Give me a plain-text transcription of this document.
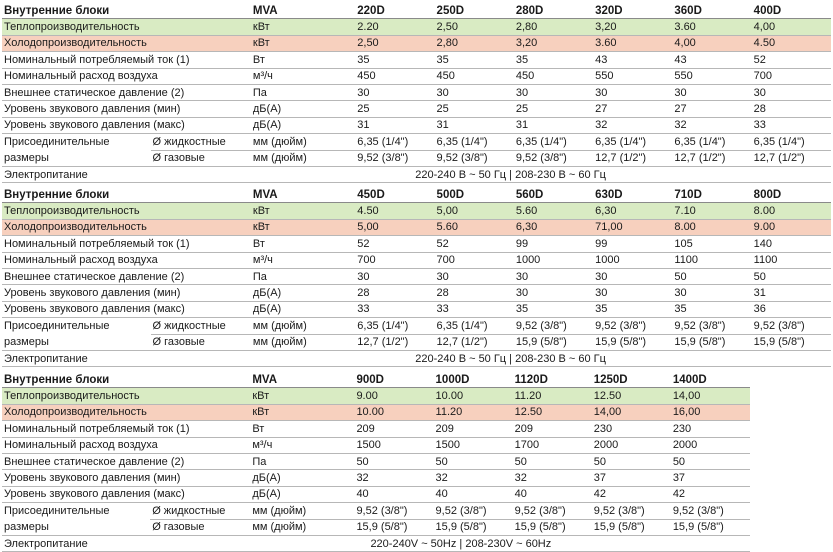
Внутренние блоки		MVA	220D	250D	280D	320D	360D	400D
Теплопроизводительность		кВт	2.20	2,50	2,80	3,20	3.60	4,00
Холодопроизводительность		кВт	2,50	2,80	3,20	3.60	4,00	4.50
Номинальный потребляемый ток (1)		Вт	35	35	35	43	43	52
Номинальный расход воздуха		м³/ч	450	450	450	550	550	700
Внешнее статическое давление (2)		Па	30	30	30	30	30	30
Уровень звукового давления (мин)		дБ(А)	25	25	25	27	27	28
Уровень звукового давления (макс)		дБ(А)	31	31	31	32	32	33
Присоединительные	Ø жидкостные	мм (дюйм)	6,35 (1/4")	6,35 (1/4")	6,35 (1/4")	6,35 (1/4")	6,35 (1/4")	6,35 (1/4")
размеры	Ø газовые	мм (дюйм)	9,52 (3/8")	9,52 (3/8")	9,52 (3/8")	12,7 (1/2")	12,7 (1/2")	12,7 (1/2")
Электропитание			220-240 В ~ 50 Гц | 208-230 В ~ 60 Гц					
Внутренние блоки		MVA	450D	500D	560D	630D	710D	800D
Теплопроизводительность		кВт	4.50	5,00	5.60	6,30	7.10	8.00
Холодопроизводительность		кВт	5,00	5.60	6,30	71,00	8.00	9.00
Номинальный потребляемый ток (1)		Вт	52	52	99	99	105	140
Номинальный расход воздуха		м³/ч	700	700	1000	1000	1100	1100
Внешнее статическое давление (2)		Па	30	30	30	30	50	50
Уровень звукового давления (мин)		дБ(А)	28	28	30	30	30	31
Уровень звукового давления (макс)		дБ(А)	33	33	35	35	35	36
Присоединительные	Ø жидкостные	мм (дюйм)	6,35 (1/4")	6,35 (1/4")	9,52 (3/8")	9,52 (3/8")	9,52 (3/8")	9,52 (3/8")
размеры	Ø газовые	мм (дюйм)	12,7 (1/2")	12,7 (1/2")	15,9 (5/8")	15,9 (5/8")	15,9 (5/8")	15,9 (5/8")
Электропитание			220-240 В ~ 50 Гц | 208-230 В ~ 60 Гц					
Внутренние блоки		MVA	900D	1000D	1120D	1250D	1400D
Теплопроизводительность		кВт	9.00	10.00	11.20	12.50	14,00
Холодопроизводительность		кВт	10.00	11.20	12.50	14,00	16,00
Номинальный потребляемый ток (1)		Вт	209	209	209	230	230
Номинальный расход воздуха		м³/ч	1500	1500	1700	2000	2000
Внешнее статическое давление (2)		Па	50	50	50	50	50
Уровень звукового давления (мин)		дБ(А)	32	32	32	37	37
Уровень звукового давления (макс)		дБ(А)	40	40	40	42	42
Присоединительные	Ø жидкостные	мм (дюйм)	9,52 (3/8")	9,52 (3/8")	9,52 (3/8")	9,52 (3/8")	9,52 (3/8")
размеры	Ø газовые	мм (дюйм)	15,9 (5/8")	15,9 (5/8")	15,9 (5/8")	15,9 (5/8")	15,9 (5/8")
Электропитание			220-240V ~ 50Hz | 208-230V ~ 60Hz				
